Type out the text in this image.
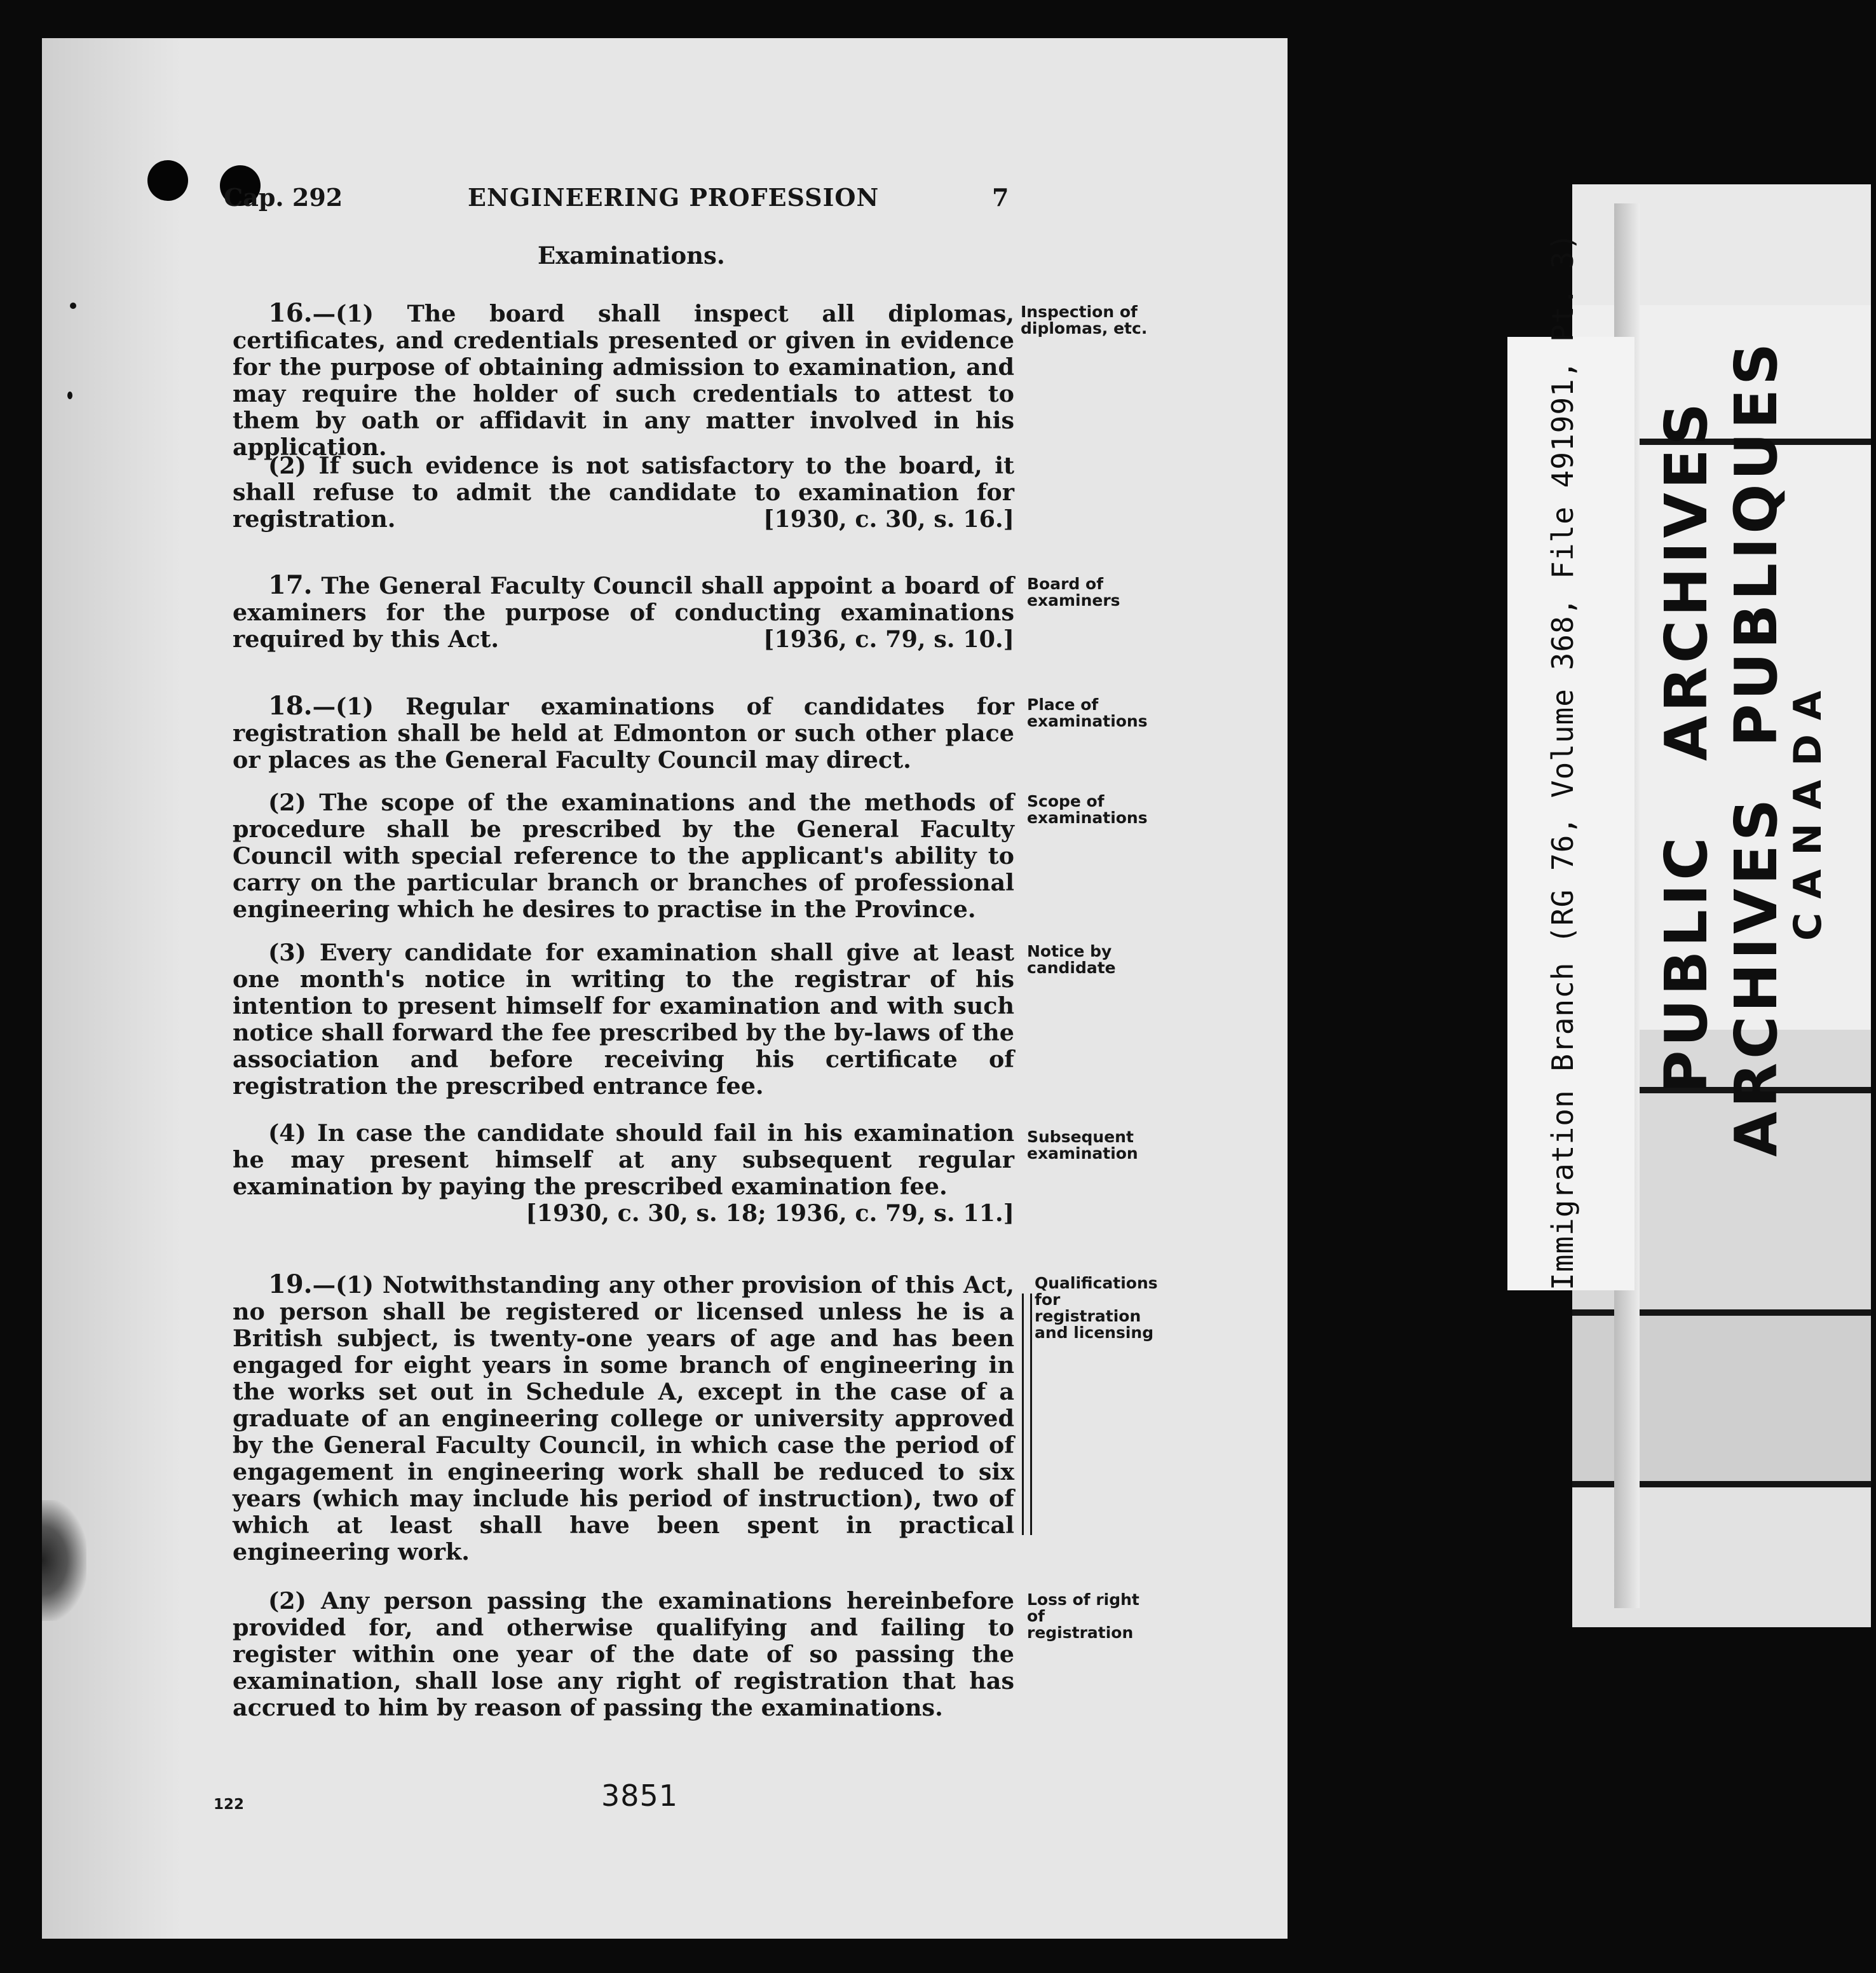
Cap. 292	ENGINEERING PROFESSION	7
Examinations.
16.—(1) The board shall inspect all diplomas, certificates, and credentials presented or given in evidence for the purpose of obtaining admission to examination, and may require the holder of such credentials to attest to them by oath or affidavit in any matter involved in his application.
Inspection of diplomas, etc.
(2) If such evidence is not satisfactory to the board, it shall refuse to admit the candidate to examination for registration.	[1930, c. 30, s. 16.]
17. The General Faculty Council shall appoint a board of examiners for the purpose of conducting examinations required by this Act.	[1936, c. 79, s. 10.]
Board of examiners
18.—(1) Regular examinations of candidates for registration shall be held at Edmonton or such other place or places as the General Faculty Council may direct.
Place of examinations
(2) The scope of the examinations and the methods of procedure shall be prescribed by the General Faculty Council with special reference to the applicant's ability to carry on the particular branch or branches of professional engineering which he desires to practise in the Province.
Scope of examinations
(3) Every candidate for examination shall give at least one month's notice in writing to the registrar of his intention to present himself for examination and with such notice shall forward the fee prescribed by the by-laws of the association and before receiving his certificate of registration the prescribed entrance fee.
Notice by candidate
(4) In case the candidate should fail in his examination he may present himself at any subsequent regular examination by paying the prescribed examination fee.
[1930, c. 30, s. 18; 1936, c. 79, s. 11.]
Subsequent examination
19.—(1) Notwithstanding any other provision of this Act, no person shall be registered or licensed unless he is a British subject, is twenty-one years of age and has been engaged for eight years in some branch of engineering in the works set out in Schedule A, except in the case of a graduate of an engineering college or university approved by the General Faculty Council, in which case the period of engagement in engineering work shall be reduced to six years (which may include his period of instruction), two of which at least shall have been spent in practical engineering work.
Qualifications for registration and licensing
(2) Any person passing the examinations hereinbefore provided for, and otherwise qualifying and failing to register within one year of the date of so passing the examination, shall lose any right of registration that has accrued to him by reason of passing the examinations.
Loss of right of registration
122	3851
PUBLIC   ARCHIVES
ARCHIVES  PUBLIQUES
CANADA
Immigration Branch (RG 76, Volume 368, File 491991, Pt. 3)
